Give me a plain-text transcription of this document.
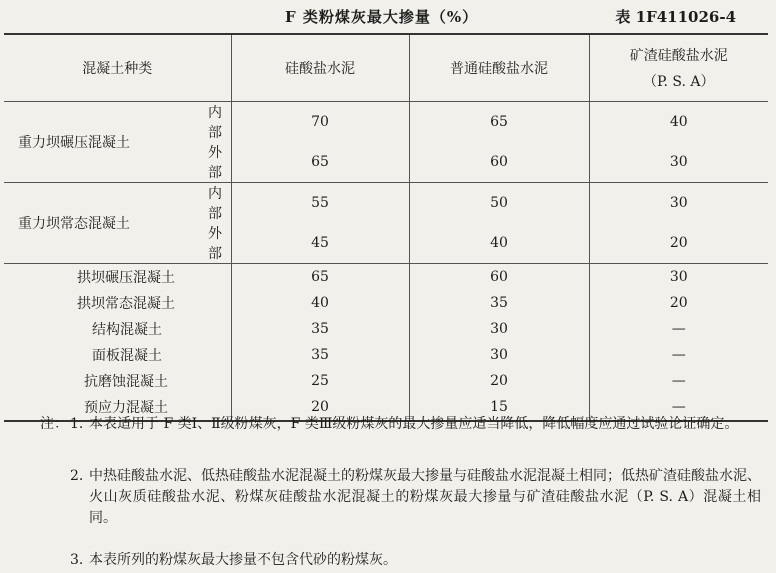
F 类粉煤灰最大掺量（%）	表 1F411026-4
混凝土种类		硅酸盐水泥	普通硅酸盐水泥	矿渣硅酸盐水泥
（P. S. A）

重力坝碾压混凝土	内部	70	65	40
	外部	65	60	30
重力坝常态混凝土	内部	55	50	30
	外部	45	40	20
拱坝碾压混凝土		65	60	30
拱坝常态混凝土		40	35	20
结构混凝土		35	30	—
面板混凝土		35	30	—
抗磨蚀混凝土		25	20	—
预应力混凝土		20	15	—
注： 1. 本表适用于 F 类Ⅰ、Ⅱ级粉煤灰，F 类Ⅲ级粉煤灰的最大掺量应适当降低，降低幅度应通过试验论证确定。
2. 中热硅酸盐水泥、低热硅酸盐水泥混凝土的粉煤灰最大掺量与硅酸盐水泥混凝土相同；低热矿渣硅酸盐水泥、火山灰质硅酸盐水泥、粉煤灰硅酸盐水泥混凝土的粉煤灰最大掺量与矿渣硅酸盐水泥（P. S. A）混凝土相同。
3. 本表所列的粉煤灰最大掺量不包含代砂的粉煤灰。
